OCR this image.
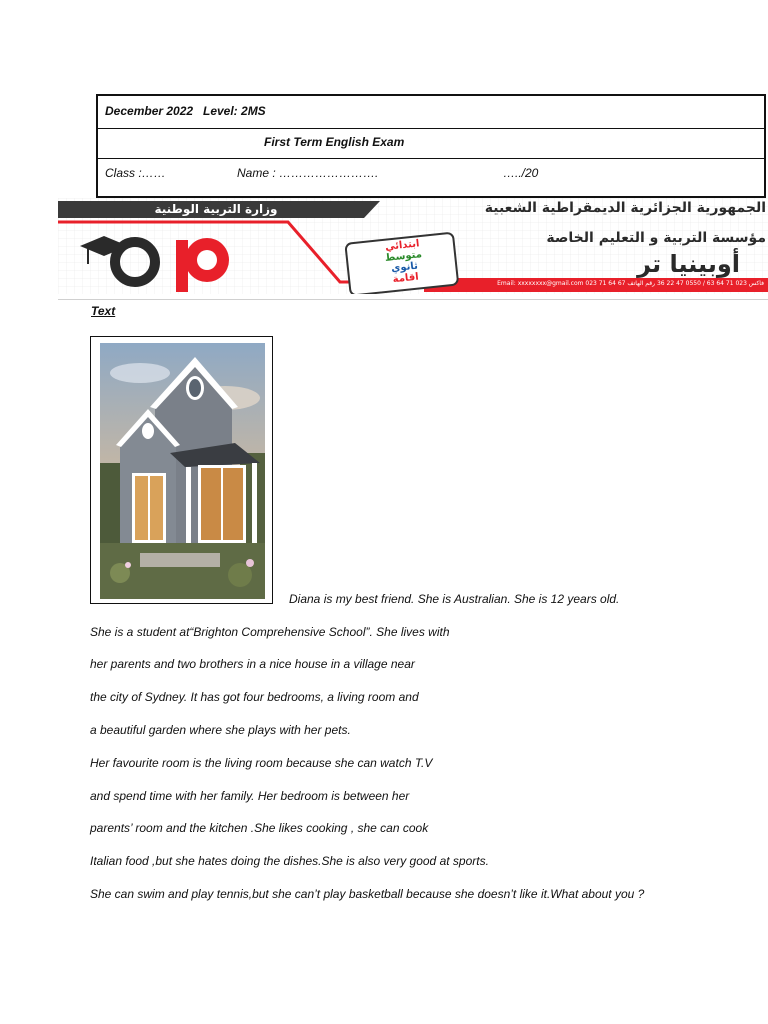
December 2022 Level: 2MS
First Term English Exam
Class :……	Name : …………………….	…../20
وزارة التربية الوطنية	الجمهورية الجزائرية الديمقراطية الشعبية
مؤسسة التربية و التعليم الخاصة
أوبينيا تر
Email: xxxxxxxx@gmail.com 023 71 64 67 فاكس 023 71 64 63 / 0550 47 22 36 رقم الهاتف
ابتدائي
متوسط
ثانوي
اقامة
Text
Diana is my best friend. She is Australian. She is 12 years old.
She is a student at“Brighton Comprehensive School”. She lives with
her parents and two brothers in a nice house in a village near
the city of Sydney. It has got four bedrooms, a living room and
a beautiful garden where she plays with her pets.
Her favourite room is the living room because she can watch T.V
and spend time with her family. Her bedroom is between her
parents’ room and the kitchen .She likes cooking , she can cook
Italian food ,but she hates doing the dishes.She is also very good at sports.
She can swim and play tennis,but she can’t play basketball because she doesn’t like it.What about you ?
